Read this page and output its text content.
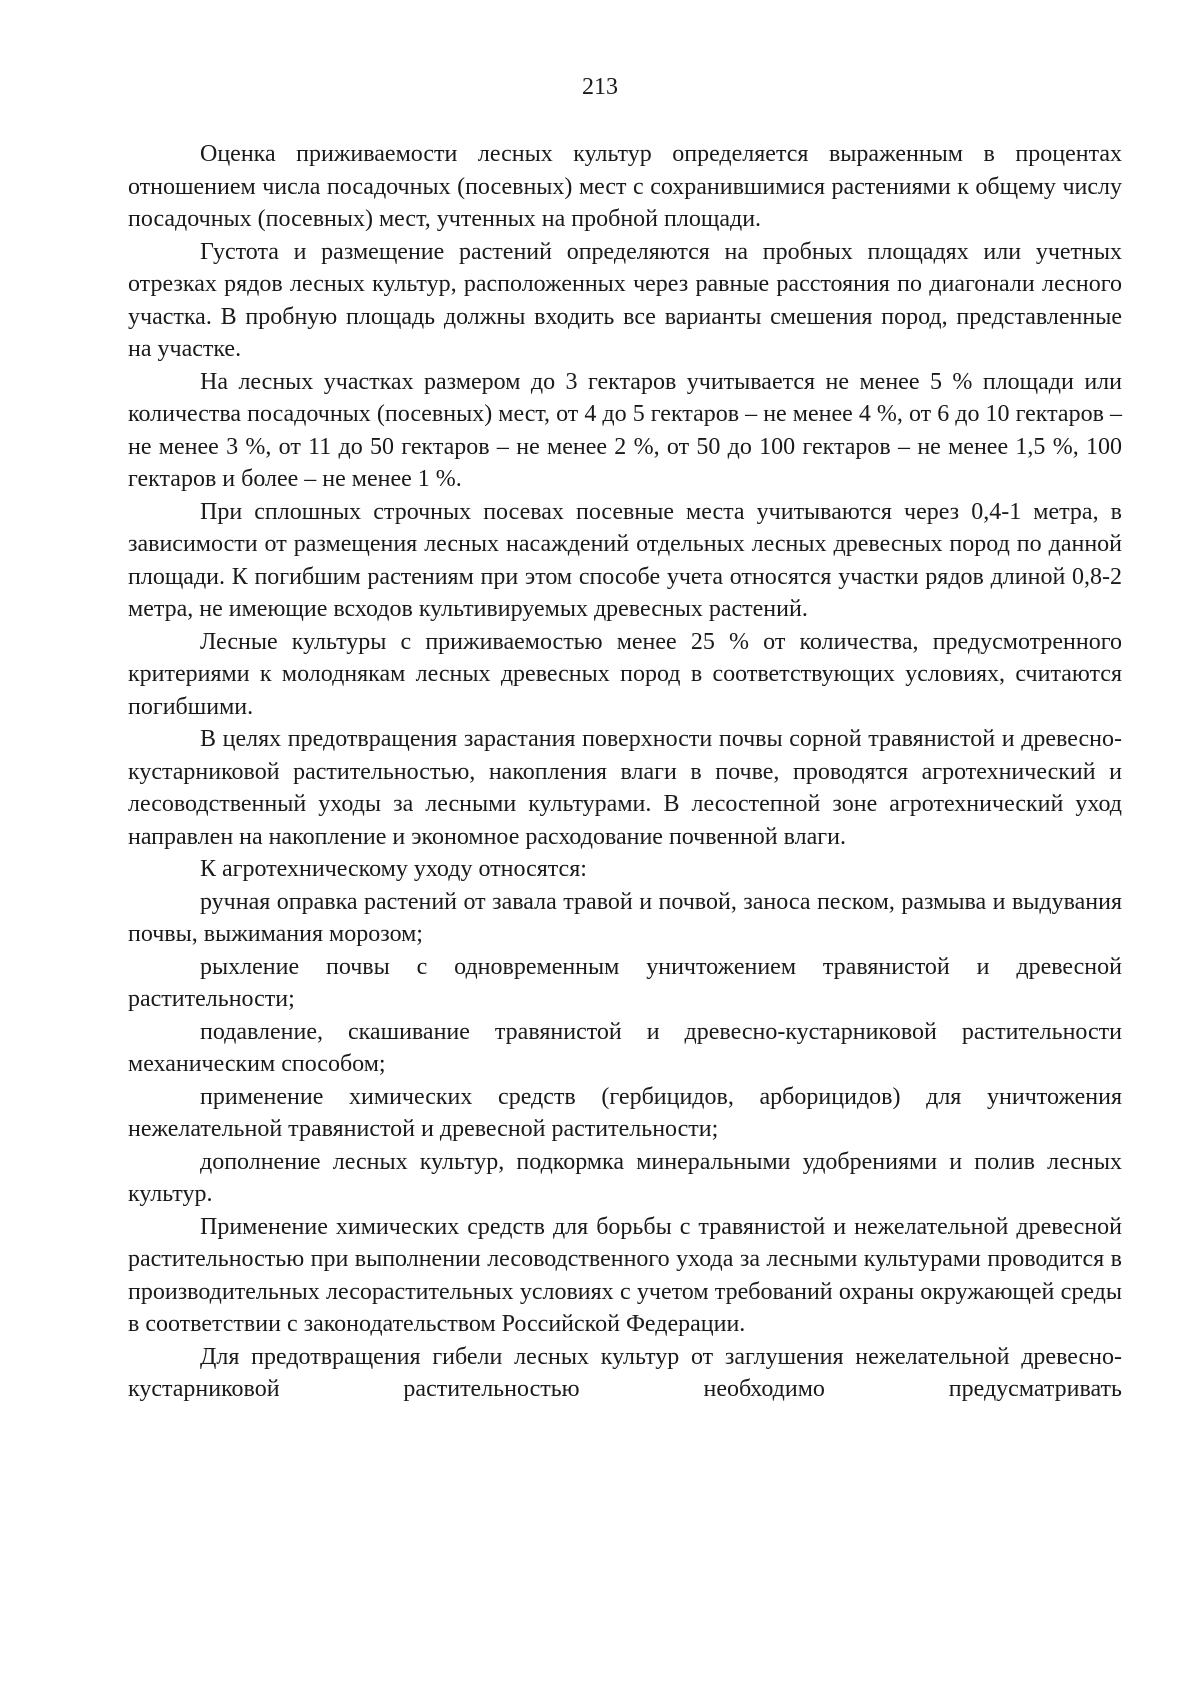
213

Оценка приживаемости лесных культур определяется выраженным в процентах отношением числа посадочных (посевных) мест с сохранившимися растениями к общему числу посадочных (посевных) мест, учтенных на пробной площади.

Густота и размещение растений определяются на пробных площадях или учетных отрезках рядов лесных культур, расположенных через равные расстояния по диагонали лесного участка. В пробную площадь должны входить все варианты смешения пород, представленные на участке.

На лесных участках размером до 3 гектаров учитывается не менее 5 % площади или количества посадочных (посевных) мест, от 4 до 5 гектаров – не менее 4 %, от 6 до 10 гектаров – не менее 3 %, от 11 до 50 гектаров – не менее 2 %, от 50 до 100 гектаров – не менее 1,5 %, 100 гектаров и более – не менее 1 %.

При сплошных строчных посевах посевные места учитываются через 0,4-1 метра, в зависимости от размещения лесных насаждений отдельных лесных древесных пород по данной площади. К погибшим растениям при этом способе учета относятся участки рядов длиной 0,8-2 метра, не имеющие всходов культивируемых древесных растений.

Лесные культуры с приживаемостью менее 25 % от количества, предусмотренного критериями к молоднякам лесных древесных пород в соответствующих условиях, считаются погибшими.

В целях предотвращения зарастания поверхности почвы сорной травянистой и древесно-кустарниковой растительностью, накопления влаги в почве, проводятся агротехнический и лесоводственный уходы за лесными культурами. В лесостепной зоне агротехнический уход направлен на накопление и экономное расходование почвенной влаги.

К агротехническому уходу относятся:

ручная оправка растений от завала травой и почвой, заноса песком, размыва и выдувания почвы, выжимания морозом;

рыхление почвы с одновременным уничтожением травянистой и древесной растительности;

подавление, скашивание травянистой и древесно-кустарниковой растительности механическим способом;

применение химических средств (гербицидов, арборицидов) для уничтожения нежелательной травянистой и древесной растительности;

дополнение лесных культур, подкормка минеральными удобрениями и полив лесных культур.

Применение химических средств для борьбы с травянистой и нежелательной древесной растительностью при выполнении лесоводственного ухода за лесными культурами проводится в производительных лесорастительных условиях с учетом требований охраны окружающей среды в соответствии с законодательством Российской Федерации.

Для предотвращения гибели лесных культур от заглушения нежелательной древесно-кустарниковой растительностью необходимо предусматривать
